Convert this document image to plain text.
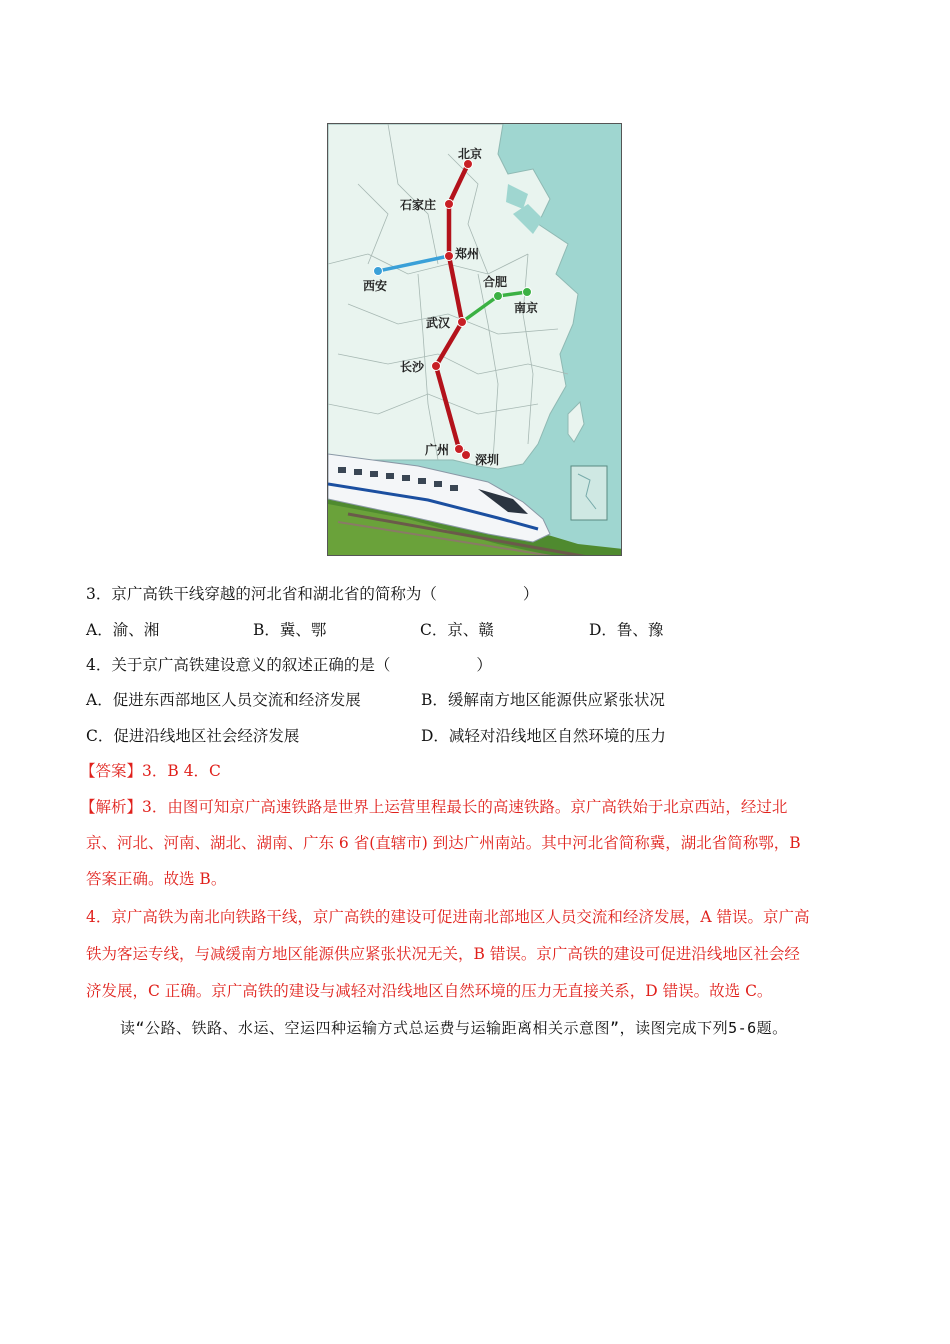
北京
石家庄
郑州
西安	合肥
南京
武汉
长沙
广州
深圳
3．京广高铁干线穿越的河北省和湖北省的简称为（	）
A．渝、湘	B．冀、鄂	C．京、赣	D．鲁、豫
4．关于京广高铁建设意义的叙述正确的是（	）
A．促进东西部地区人员交流和经济发展	B．缓解南方地区能源供应紧张状况
C．促进沿线地区社会经济发展	D．减轻对沿线地区自然环境的压力
【答案】3．B 4．C
【解析】3．由图可知京广高速铁路是世界上运营里程最长的高速铁路。京广高铁始于北京西站，经过北
京、河北、河南、湖北、湖南、广东 6 省(直辖市) 到达广州南站。其中河北省简称冀，湖北省简称鄂，B
答案正确。故选 B。
4．京广高铁为南北向铁路干线，京广高铁的建设可促进南北部地区人员交流和经济发展，A 错误。京广高
铁为客运专线，与减缓南方地区能源供应紧张状况无关，B 错误。京广高铁的建设可促进沿线地区社会经
济发展，C 正确。京广高铁的建设与减轻对沿线地区自然环境的压力无直接关系，D 错误。故选 C。
读“公路、铁路、水运、空运四种运输方式总运费与运输距离相关示意图”，读图完成下列5-6题。
